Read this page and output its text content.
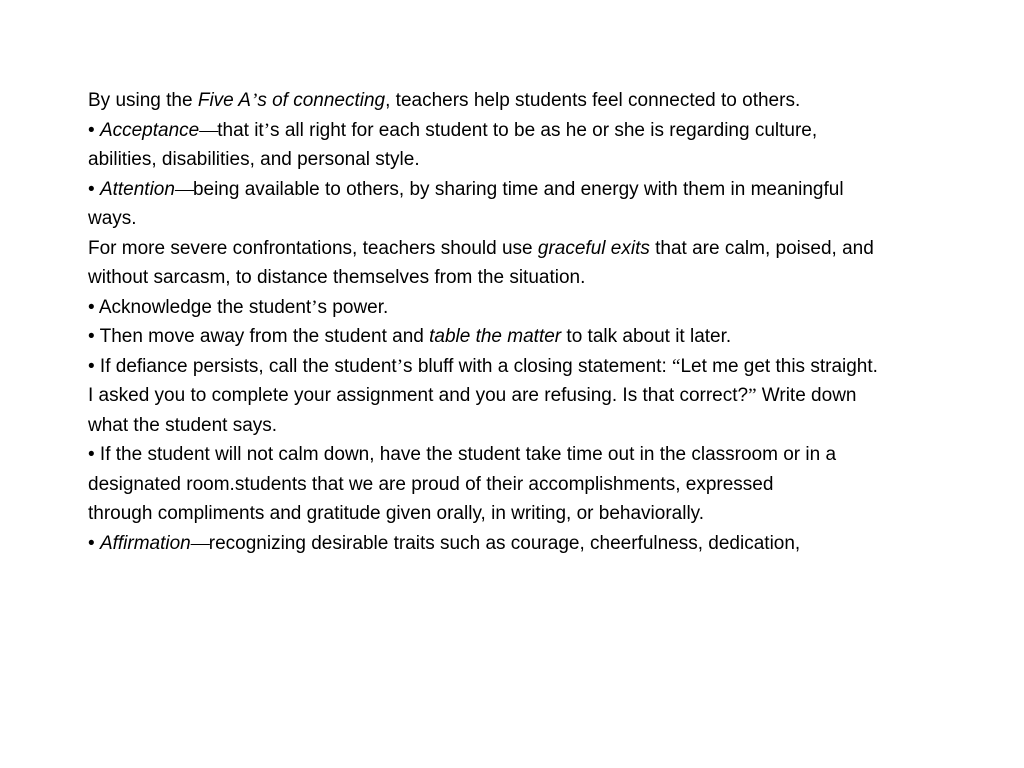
By using the Five A’s of connecting, teachers help students feel connected to others.

• Acceptance—that it’s all right for each student to be as he or she is regarding culture,

abilities, disabilities, and personal style.

• Attention—being available to others, by sharing time and energy with them in meaningful

ways.

For more severe confrontations, teachers should use graceful exits that are calm, poised, and

without sarcasm, to distance themselves from the situation.

• Acknowledge the student’s power.

• Then move away from the student and table the matter to talk about it later.

• If defiance persists, call the student’s bluff with a closing statement: “Let me get this straight.

I asked you to complete your assignment and you are refusing. Is that correct?” Write down

what the student says.

• If the student will not calm down, have the student take time out in the classroom or in a

designated room.students that we are proud of their accomplishments, expressed

through compliments and gratitude given orally, in writing, or behaviorally.

• Affirmation—recognizing desirable traits such as courage, cheerfulness, dedication,
